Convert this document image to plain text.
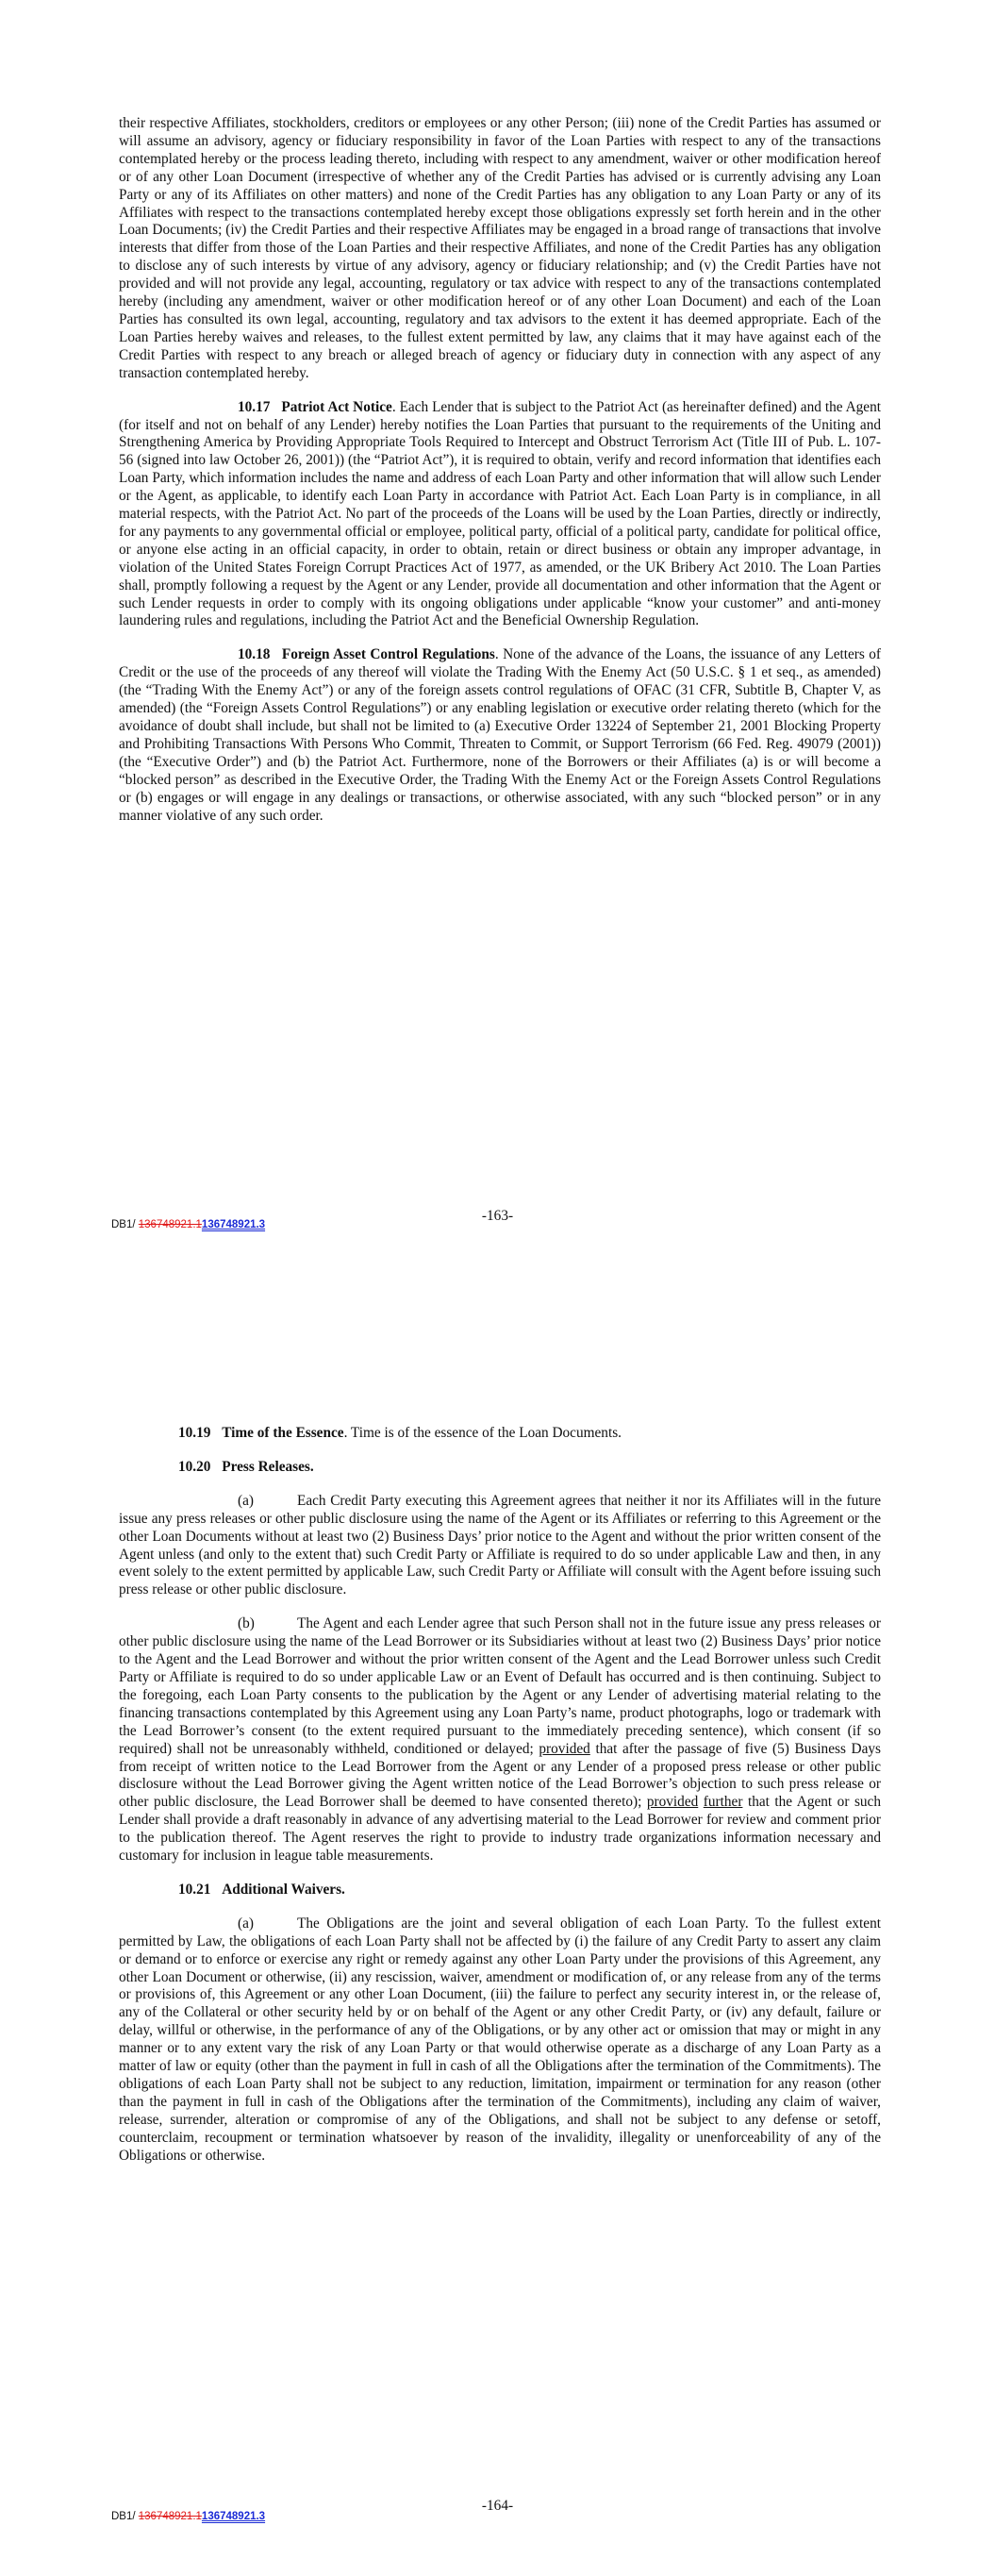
their respective Affiliates, stockholders, creditors or employees or any other Person; (iii) none of the Credit Parties has assumed or will assume an advisory, agency or fiduciary responsibility in favor of the Loan Parties with respect to any of the transactions contemplated hereby or the process leading thereto, including with respect to any amendment, waiver or other modification hereof or of any other Loan Document (irrespective of whether any of the Credit Parties has advised or is currently advising any Loan Party or any of its Affiliates on other matters) and none of the Credit Parties has any obligation to any Loan Party or any of its Affiliates with respect to the transactions contemplated hereby except those obligations expressly set forth herein and in the other Loan Documents; (iv) the Credit Parties and their respective Affiliates may be engaged in a broad range of transactions that involve interests that differ from those of the Loan Parties and their respective Affiliates, and none of the Credit Parties has any obligation to disclose any of such interests by virtue of any advisory, agency or fiduciary relationship; and (v) the Credit Parties have not provided and will not provide any legal, accounting, regulatory or tax advice with respect to any of the transactions contemplated hereby (including any amendment, waiver or other modification hereof or of any other Loan Document) and each of the Loan Parties has consulted its own legal, accounting, regulatory and tax advisors to the extent it has deemed appropriate. Each of the Loan Parties hereby waives and releases, to the fullest extent permitted by law, any claims that it may have against each of the Credit Parties with respect to any breach or alleged breach of agency or fiduciary duty in connection with any aspect of any transaction contemplated hereby.

10.17 Patriot Act Notice. Each Lender that is subject to the Patriot Act (as hereinafter defined) and the Agent (for itself and not on behalf of any Lender) hereby notifies the Loan Parties that pursuant to the requirements of the Uniting and Strengthening America by Providing Appropriate Tools Required to Intercept and Obstruct Terrorism Act (Title III of Pub. L. 107-56 (signed into law October 26, 2001)) (the “Patriot Act”), it is required to obtain, verify and record information that identifies each Loan Party, which information includes the name and address of each Loan Party and other information that will allow such Lender or the Agent, as applicable, to identify each Loan Party in accordance with Patriot Act. Each Loan Party is in compliance, in all material respects, with the Patriot Act. No part of the proceeds of the Loans will be used by the Loan Parties, directly or indirectly, for any payments to any governmental official or employee, political party, official of a political party, candidate for political office, or anyone else acting in an official capacity, in order to obtain, retain or direct business or obtain any improper advantage, in violation of the United States Foreign Corrupt Practices Act of 1977, as amended, or the UK Bribery Act 2010. The Loan Parties shall, promptly following a request by the Agent or any Lender, provide all documentation and other information that the Agent or such Lender requests in order to comply with its ongoing obligations under applicable “know your customer” and anti-money laundering rules and regulations, including the Patriot Act and the Beneficial Ownership Regulation.

10.18 Foreign Asset Control Regulations. None of the advance of the Loans, the issuance of any Letters of Credit or the use of the proceeds of any thereof will violate the Trading With the Enemy Act (50 U.S.C. § 1 et seq., as amended) (the “Trading With the Enemy Act”) or any of the foreign assets control regulations of OFAC (31 CFR, Subtitle B, Chapter V, as amended) (the “Foreign Assets Control Regulations”) or any enabling legislation or executive order relating thereto (which for the avoidance of doubt shall include, but shall not be limited to (a) Executive Order 13224 of September 21, 2001 Blocking Property and Prohibiting Transactions With Persons Who Commit, Threaten to Commit, or Support Terrorism (66 Fed. Reg. 49079 (2001)) (the “Executive Order”) and (b) the Patriot Act. Furthermore, none of the Borrowers or their Affiliates (a) is or will become a “blocked person” as described in the Executive Order, the Trading With the Enemy Act or the Foreign Assets Control Regulations or (b) engages or will engage in any dealings or transactions, or otherwise associated, with any such “blocked person” or in any manner violative of any such order.

-163-
DB1/ 136748921.1136748921.3

10.19 Time of the Essence. Time is of the essence of the Loan Documents.

10.20 Press Releases.

(a)	Each Credit Party executing this Agreement agrees that neither it nor its Affiliates will in the future issue any press releases or other public disclosure using the name of the Agent or its Affiliates or referring to this Agreement or the other Loan Documents without at least two (2) Business Days’ prior notice to the Agent and without the prior written consent of the Agent unless (and only to the extent that) such Credit Party or Affiliate is required to do so under applicable Law and then, in any event solely to the extent permitted by applicable Law, such Credit Party or Affiliate will consult with the Agent before issuing such press release or other public disclosure.

(b)	The Agent and each Lender agree that such Person shall not in the future issue any press releases or other public disclosure using the name of the Lead Borrower or its Subsidiaries without at least two (2) Business Days’ prior notice to the Agent and the Lead Borrower and without the prior written consent of the Agent and the Lead Borrower unless such Credit Party or Affiliate is required to do so under applicable Law or an Event of Default has occurred and is then continuing. Subject to the foregoing, each Loan Party consents to the publication by the Agent or any Lender of advertising material relating to the financing transactions contemplated by this Agreement using any Loan Party’s name, product photographs, logo or trademark with the Lead Borrower’s consent (to the extent required pursuant to the immediately preceding sentence), which consent (if so required) shall not be unreasonably withheld, conditioned or delayed; provided that after the passage of five (5) Business Days from receipt of written notice to the Lead Borrower from the Agent or any Lender of a proposed press release or other public disclosure without the Lead Borrower giving the Agent written notice of the Lead Borrower’s objection to such press release or other public disclosure, the Lead Borrower shall be deemed to have consented thereto); provided further that the Agent or such Lender shall provide a draft reasonably in advance of any advertising material to the Lead Borrower for review and comment prior to the publication thereof. The Agent reserves the right to provide to industry trade organizations information necessary and customary for inclusion in league table measurements.

10.21 Additional Waivers.

(a)	The Obligations are the joint and several obligation of each Loan Party. To the fullest extent permitted by Law, the obligations of each Loan Party shall not be affected by (i) the failure of any Credit Party to assert any claim or demand or to enforce or exercise any right or remedy against any other Loan Party under the provisions of this Agreement, any other Loan Document or otherwise, (ii) any rescission, waiver, amendment or modification of, or any release from any of the terms or provisions of, this Agreement or any other Loan Document, (iii) the failure to perfect any security interest in, or the release of, any of the Collateral or other security held by or on behalf of the Agent or any other Credit Party, or (iv) any default, failure or delay, willful or otherwise, in the performance of any of the Obligations, or by any other act or omission that may or might in any manner or to any extent vary the risk of any Loan Party or that would otherwise operate as a discharge of any Loan Party as a matter of law or equity (other than the payment in full in cash of all the Obligations after the termination of the Commitments). The obligations of each Loan Party shall not be subject to any reduction, limitation, impairment or termination for any reason (other than the payment in full in cash of the Obligations after the termination of the Commitments), including any claim of waiver, release, surrender, alteration or compromise of any of the Obligations, and shall not be subject to any defense or setoff, counterclaim, recoupment or termination whatsoever by reason of the invalidity, illegality or unenforceability of any of the Obligations or otherwise.

-164-
DB1/ 136748921.1136748921.3
